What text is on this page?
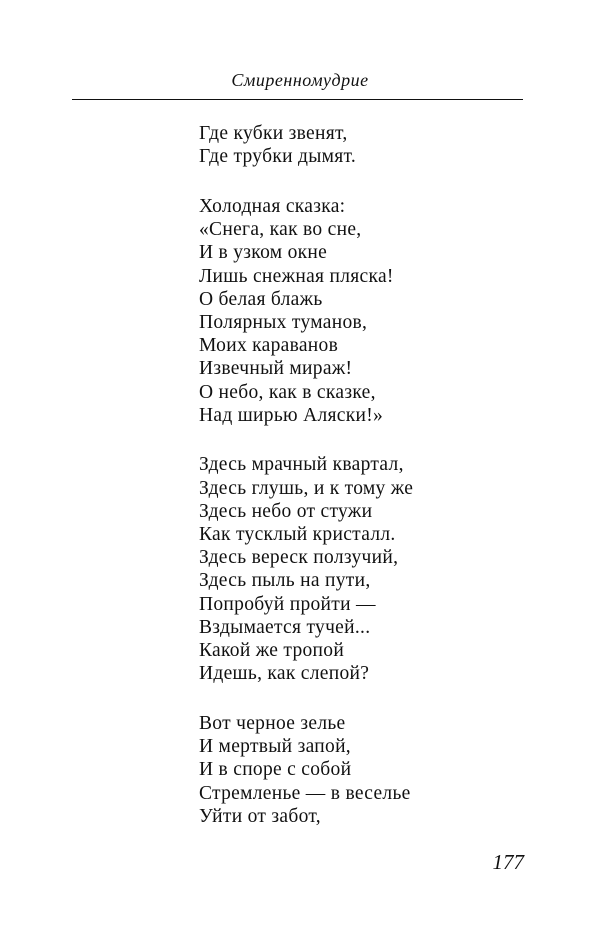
Смиренномудрие
Где кубки звенят,
Где трубки дымят.
Холодная сказка:
«Снега, как во сне,
И в узком окне
Лишь снежная пляска!
О белая блажь
Полярных туманов,
Моих караванов
Извечный мираж!
О небо, как в сказке,
Над ширью Аляски!»
Здесь мрачный квартал,
Здесь глушь, и к тому же
Здесь небо от стужи
Как тусклый кристалл.
Здесь вереск ползучий,
Здесь пыль на пути,
Попробуй пройти —
Вздымается тучей...
Какой же тропой
Идешь, как слепой?
Вот черное зелье
И мертвый запой,
И в споре с собой
Стремленье — в веселье
Уйти от забот,
177
